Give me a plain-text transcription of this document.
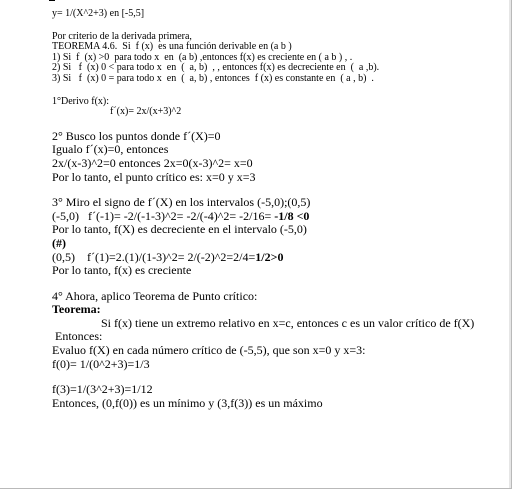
y= 1/(X^2+3) en [-5,5]
Por criterio de la derivada primera,
TEOREMA 4.6.  Si  f (x)  es una función derivable en (a b )
1) Si  f  (x) >0  para todo x  en  (a b) ,entonces f(x) es creciente en ( a b ) , .
2) Si   f  (x) 0 < para todo x  en  (  a, b)  , , entonces f(x) es decreciente en  (  a ,b).
3) Si   f  (x) 0 = para todo x  en  (  a, b) , entonces  f (x) es constante en  ( a , b)  .
1°Derivo f(x):
f´(x)= 2x/(x+3)^2
2° Busco los puntos donde f´(X)=0
Igualo f´(x)=0, entonces
2x/(x-3)^2=0 entonces 2x=0(x-3)^2= x=0
Por lo tanto, el punto crítico es: x=0 y x=3
3° Miro el signo de f´(X) en los intervalos (-5,0);(0,5)
(-5,0)   f´(-1)= -2/(-1-3)^2= -2/(-4)^2= -2/16= -1/8 <0
Por lo tanto, f(X) es decreciente en el intervalo (-5,0)
(#)
(0,5)    f´(1)=2.(1)/(1-3)^2= 2/(-2)^2=2/4=1/2>0
Por lo tanto, f(x) es creciente
4° Ahora, aplico Teorema de Punto crítico:
Teorema:
Si f(x) tiene un extremo relativo en x=c, entonces c es un valor crítico de f(X)
Entonces:
Evaluo f(X) en cada número crítico de (-5,5), que son x=0 y x=3:
f(0)= 1/(0^2+3)=1/3
f(3)=1/(3^2+3)=1/12
Entonces, (0,f(0)) es un mínimo y (3,f(3)) es un máximo
